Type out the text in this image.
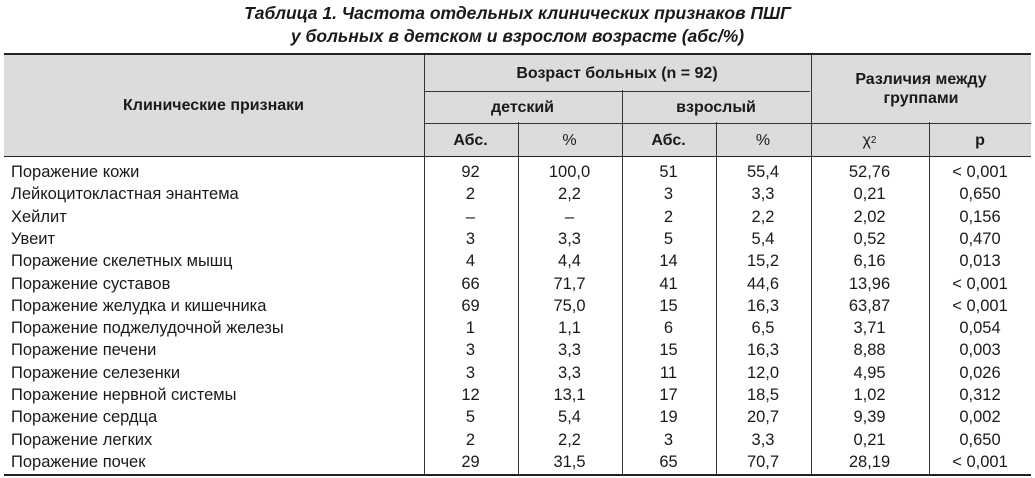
Таблица 1. Частота отдельных клинических признаков ПШГ
у больных в детском и взрослом возрасте (абс/%)
Клинические признаки
Возраст больных (n = 92)
детский	взрослый
Различия между группами
Абс.	%	Абс.	%	χ 2	p
Поражение кожи	92	100,0	51	55,4	52,76	< 0,001
Лейкоцитокластная энантема	2	2,2	3	3,3	0,21	0,650
Хейлит	–	–	2	2,2	2,02	0,156
Увеит	3	3,3	5	5,4	0,52	0,470
Поражение скелетных мышц	4	4,4	14	15,2	6,16	0,013
Поражение суставов	66	71,7	41	44,6	13,96	< 0,001
Поражение желудка и кишечника	69	75,0	15	16,3	63,87	< 0,001
Поражение поджелудочной железы	1	1,1	6	6,5	3,71	0,054
Поражение печени	3	3,3	15	16,3	8,88	0,003
Поражение селезенки	3	3,3	11	12,0	4,95	0,026
Поражение нервной системы	12	13,1	17	18,5	1,02	0,312
Поражение сердца	5	5,4	19	20,7	9,39	0,002
Поражение легких	2	2,2	3	3,3	0,21	0,650
Поражение почек	29	31,5	65	70,7	28,19	< 0,001
